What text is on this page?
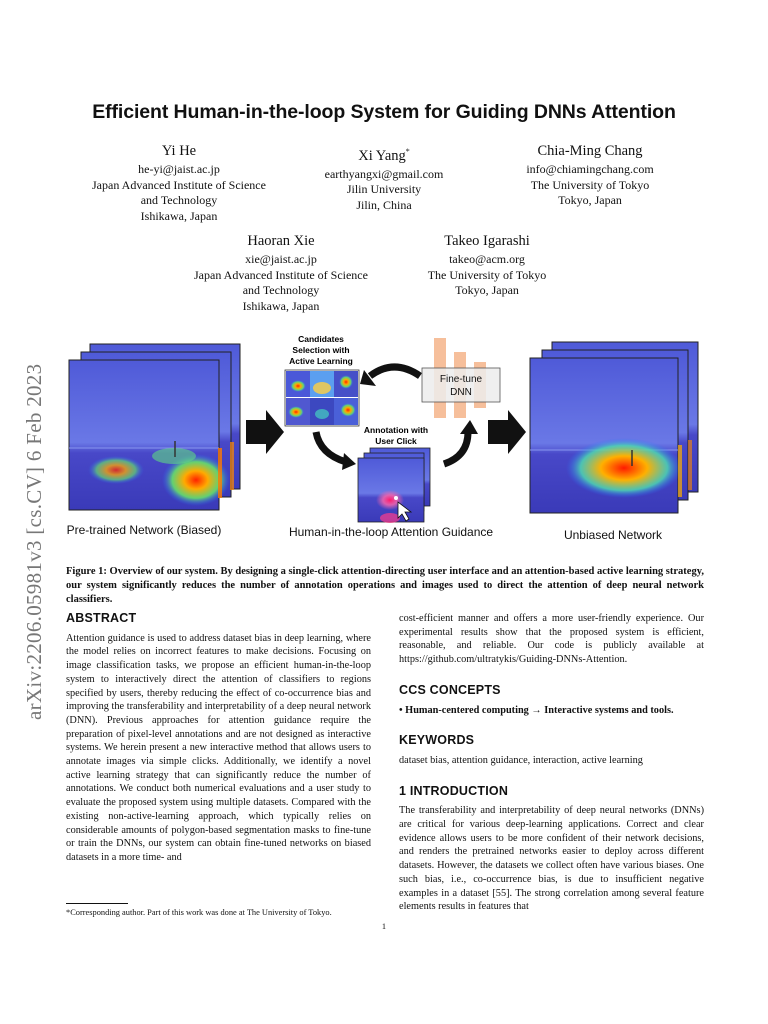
arXiv:2206.05981v3 [cs.CV] 6 Feb 2023
Efficient Human-in-the-loop System for Guiding DNNs Attention
Yi He
he-yi@jaist.ac.jp
Japan Advanced Institute of Science
and Technology
Ishikawa, Japan
Xi Yang*
earthyangxi@gmail.com
Jilin University
Jilin, China
Chia-Ming Chang
info@chiamingchang.com
The University of Tokyo
Tokyo, Japan
Haoran Xie
xie@jaist.ac.jp
Japan Advanced Institute of Science
and Technology
Ishikawa, Japan
Takeo Igarashi
takeo@acm.org
The University of Tokyo
Tokyo, Japan
Pre-trained Network (Biased)
Candidates
Selection with
Active Learning
Fine-tune
DNN
Annotation with
User Click
Human-in-the-loop Attention Guidance	Unbiased Network
Figure 1: Overview of our system. By designing a single-click attention-directing user interface and an attention-based active learning strategy, our system significantly reduces the number of annotation operations and images used to direct the attention of deep neural network classifiers.
ABSTRACT

Attention guidance is used to address dataset bias in deep learning, where the model relies on incorrect features to make decisions. Focusing on image classification tasks, we propose an efficient human-in-the-loop system to interactively direct the attention of classifiers to regions specified by users, thereby reducing the effect of co-occurrence bias and improving the transferability and interpretability of a deep neural network (DNN). Previous approaches for attention guidance require the preparation of pixel-level annotations and are not designed as interactive systems. We herein present a new interactive method that allows users to annotate images via simple clicks. Additionally, we identify a novel active learning strategy that can significantly reduce the number of annotations. We conduct both numerical evaluations and a user study to evaluate the proposed system using multiple datasets. Compared with the existing non-active-learning approach, which typically relies on considerable amounts of polygon-based segmentation masks to fine-tune or train the DNNs, our system can obtain fine-tuned networks on biased datasets in a more time- and

cost-efficient manner and offers a more user-friendly experience. Our experimental results show that the proposed system is efficient, reasonable, and reliable. Our code is publicly available at https://github.com/ultratykis/Guiding-DNNs-Attention.

CCS CONCEPTS

• Human-centered computing → Interactive systems and tools.

KEYWORDS

dataset bias, attention guidance, interaction, active learning

1 INTRODUCTION

The transferability and interpretability of deep neural networks (DNNs) are critical for various deep-learning applications. Correct and clear evidence allows users to be more confident of their network decisions, and renders the pretrained networks easier to deploy across different datasets. However, the datasets we collect often have various biases. One such bias, i.e., co-occurrence bias, is due to insufficient negative examples in a dataset [55]. The strong correlation among several feature elements results in features that

*Corresponding author. Part of this work was done at The University of Tokyo.
1
